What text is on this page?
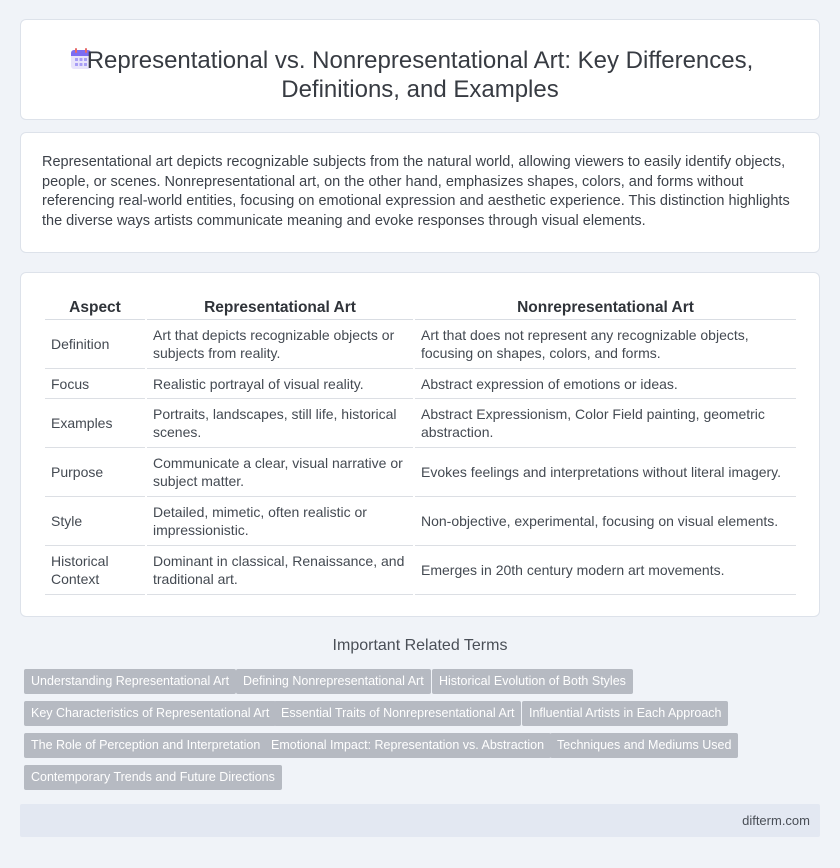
Representational vs. Nonrepresentational Art: Key Differences, Definitions, and Examples

Representational art depicts recognizable subjects from the natural world, allowing viewers to easily identify objects, people, or scenes. Nonrepresentational art, on the other hand, emphasizes shapes, colors, and forms without referencing real-world entities, focusing on emotional expression and aesthetic experience. This distinction highlights the diverse ways artists communicate meaning and evoke responses through visual elements.

Aspect	Representational Art	Nonrepresentational Art
Definition	Art that depicts recognizable objects or subjects from reality.	Art that does not represent any recognizable objects, focusing on shapes, colors, and forms.
Focus	Realistic portrayal of visual reality.	Abstract expression of emotions or ideas.
Examples	Portraits, landscapes, still life, historical scenes.	Abstract Expressionism, Color Field painting, geometric abstraction.
Purpose	Communicate a clear, visual narrative or subject matter.	Evokes feelings and interpretations without literal imagery.
Style	Detailed, mimetic, often realistic or impressionistic.	Non-objective, experimental, focusing on visual elements.
Historical Context	Dominant in classical, Renaissance, and traditional art.	Emerges in 20th century modern art movements.
Important Related Terms
Understanding Representational Art	Defining Nonrepresentational Art	Historical Evolution of Both Styles
Key Characteristics of Representational Art Essential Traits of Nonrepresentational Art	Influential Artists in Each Approach
The Role of Perception and Interpretation Emotional Impact: Representation vs. Abstraction	Techniques and Mediums Used
Contemporary Trends and Future Directions
difterm.com
